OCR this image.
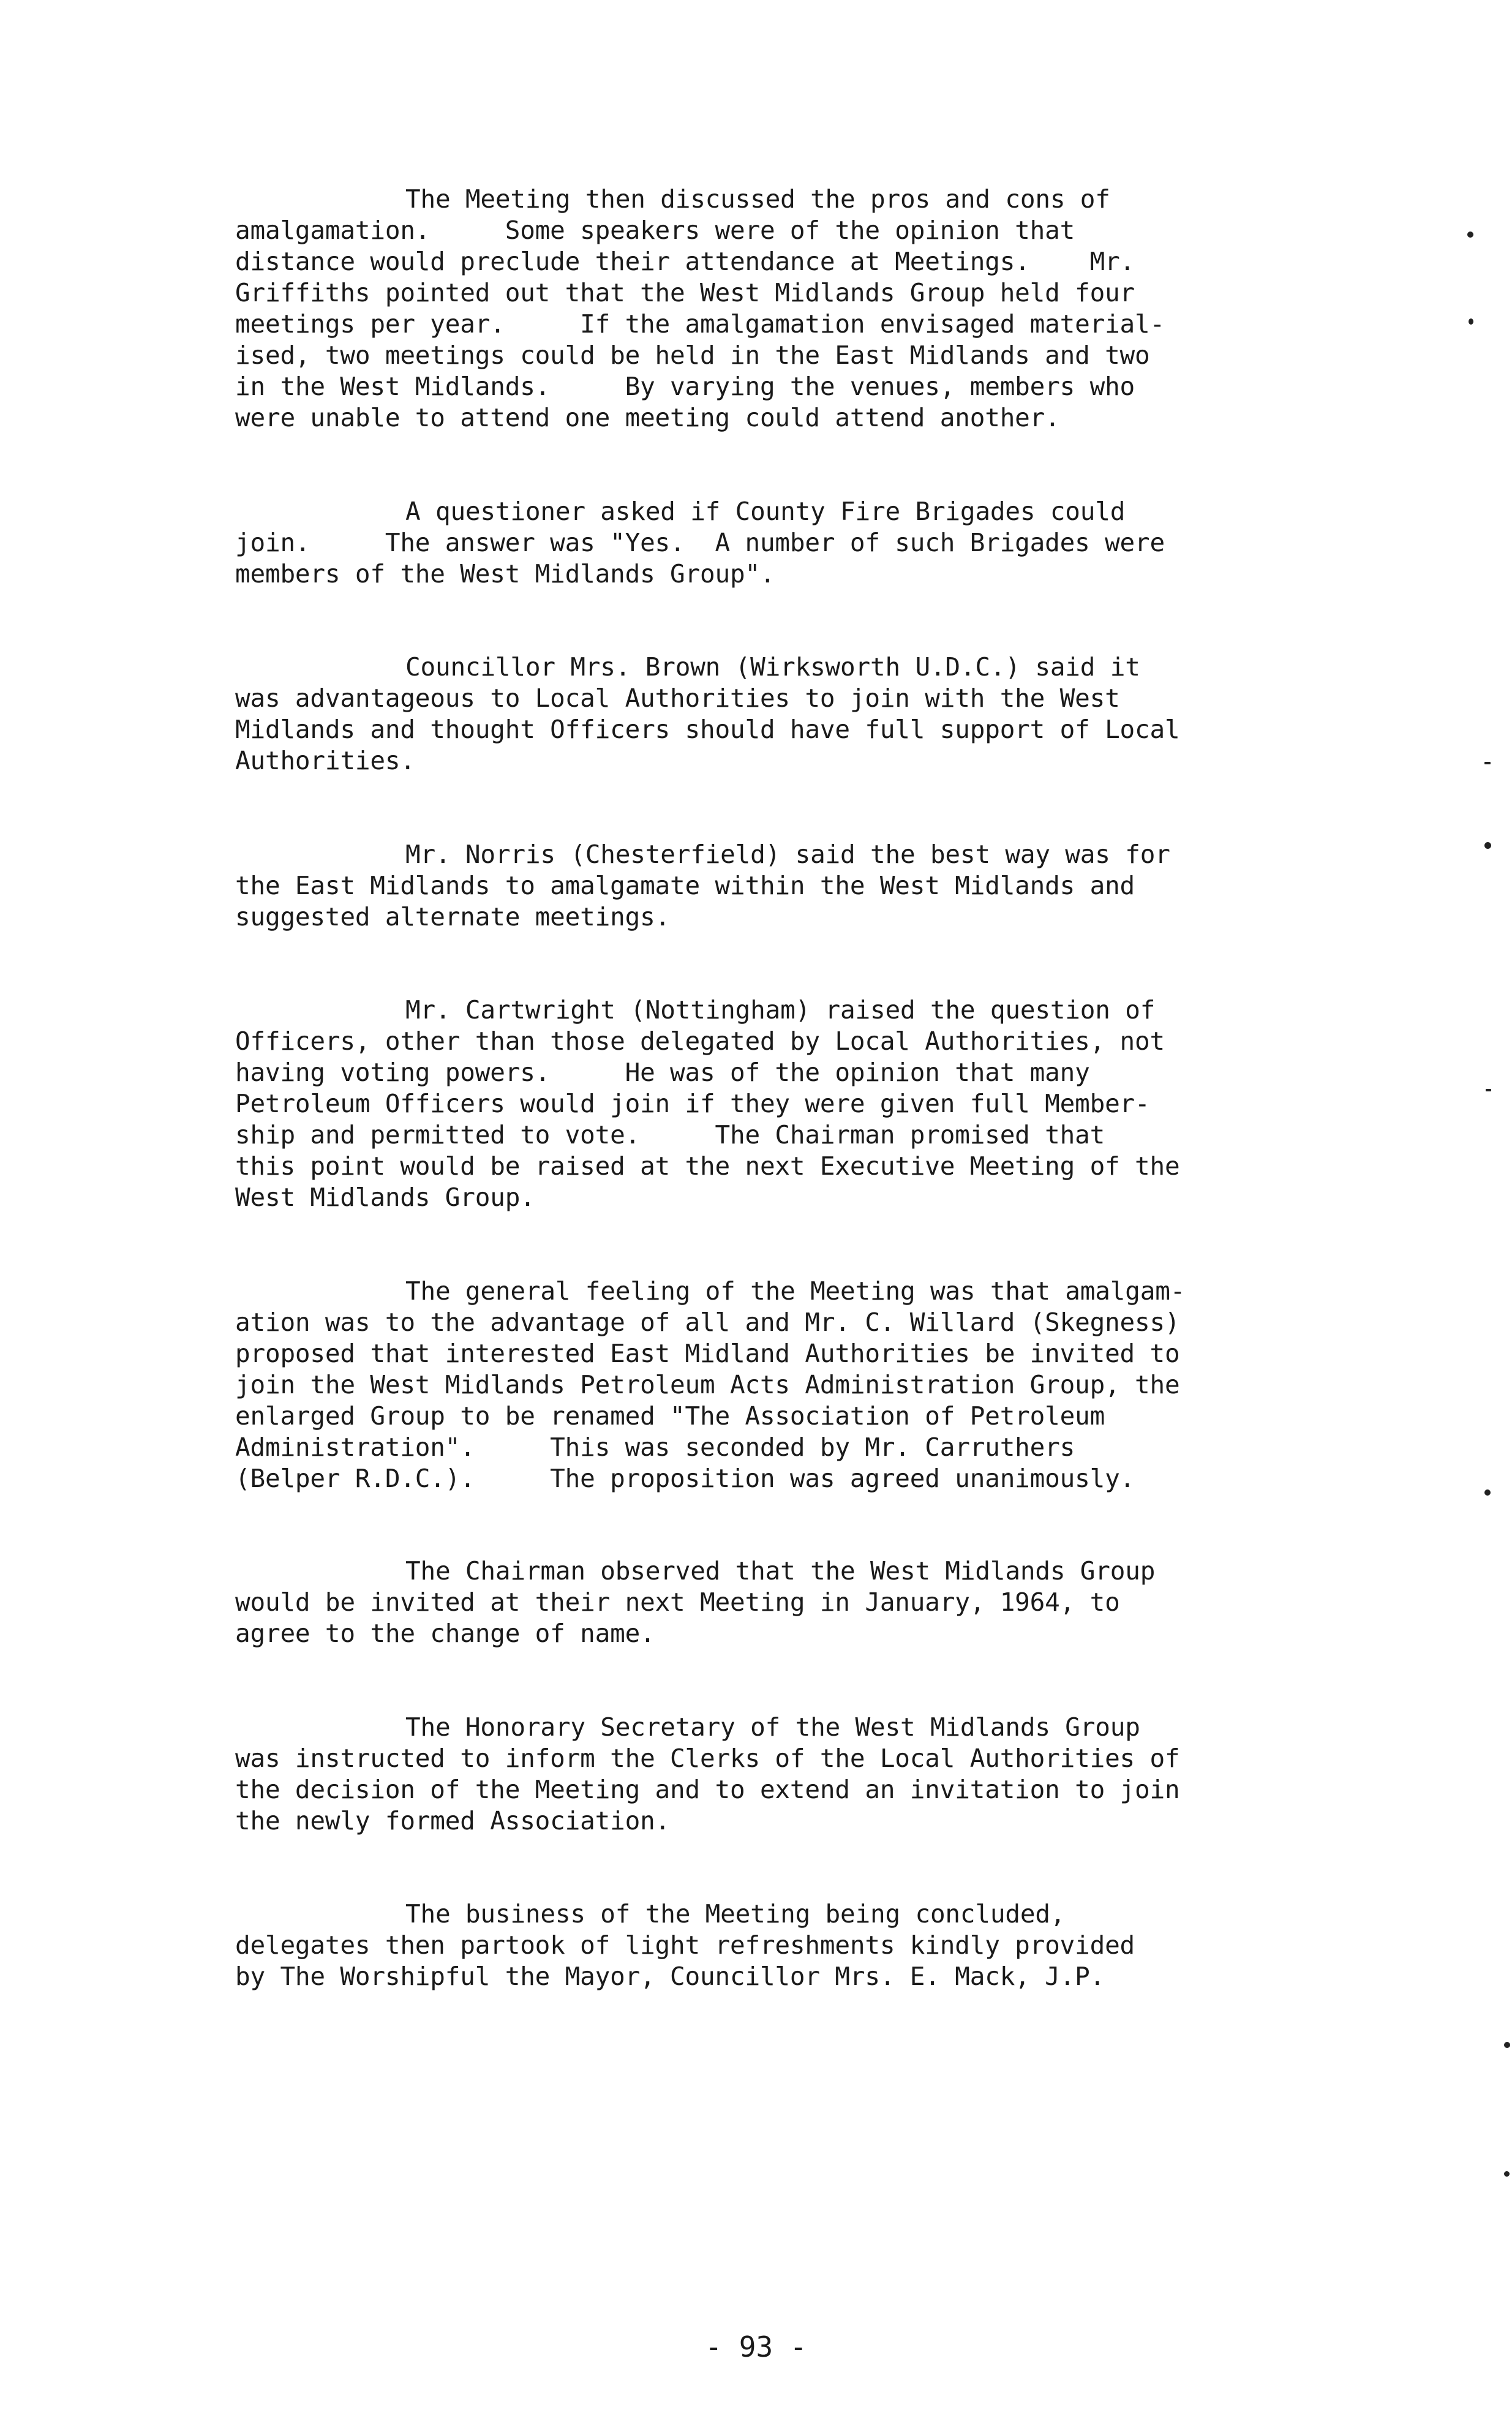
The Meeting then discussed the pros and cons of
amalgamation.     Some speakers were of the opinion that
distance would preclude their attendance at Meetings.    Mr.
Griffiths pointed out that the West Midlands Group held four
meetings per year.     If the amalgamation envisaged material-
ised, two meetings could be held in the East Midlands and two
in the West Midlands.     By varying the venues, members who
were unable to attend one meeting could attend another.
A questioner asked if County Fire Brigades could
join.     The answer was "Yes.  A number of such Brigades were
members of the West Midlands Group".
Councillor Mrs. Brown (Wirksworth U.D.C.) said it
was advantageous to Local Authorities to join with the West
Midlands and thought Officers should have full support of Local
Authorities.
Mr. Norris (Chesterfield) said the best way was for
the East Midlands to amalgamate within the West Midlands and
suggested alternate meetings.
Mr. Cartwright (Nottingham) raised the question of
Officers, other than those delegated by Local Authorities, not
having voting powers.     He was of the opinion that many
Petroleum Officers would join if they were given full Member-
ship and permitted to vote.     The Chairman promised that
this point would be raised at the next Executive Meeting of the
West Midlands Group.
The general feeling of the Meeting was that amalgam-
ation was to the advantage of all and Mr. C. Willard (Skegness)
proposed that interested East Midland Authorities be invited to
join the West Midlands Petroleum Acts Administration Group, the
enlarged Group to be renamed "The Association of Petroleum
Administration".     This was seconded by Mr. Carruthers
(Belper R.D.C.).     The proposition was agreed unanimously.
The Chairman observed that the West Midlands Group
would be invited at their next Meeting in January, 1964, to
agree to the change of name.
The Honorary Secretary of the West Midlands Group
was instructed to inform the Clerks of the Local Authorities of
the decision of the Meeting and to extend an invitation to join
the newly formed Association.
The business of the Meeting being concluded,
delegates then partook of light refreshments kindly provided
by The Worshipful the Mayor, Councillor Mrs. E. Mack, J.P.
- 93 -
